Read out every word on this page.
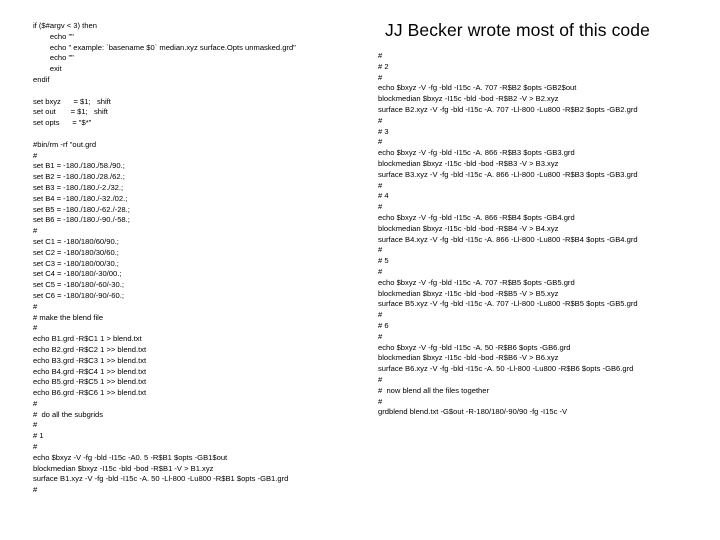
JJ Becker wrote most of this code
if ($#argv < 3) then
echo ""
echo " example: `basename $0` median.xyz surface.Opts unmasked.grd"
echo ""
exit
endif
set bxyz      = $1;   shift
set out       = $1;   shift
set opts      = "$*"
#bin/rm -rf "out.grd
#
set B1 = -180./180./58./90.;
set B2 = -180./180./28./62.;
set B3 = -180./180./-2./32.;
set B4 = -180./180./-32./02.;
set B5 = -180./180./-62./-28.;
set B6 = -180./180./-90./-58.;
#
set C1 = -180/180/60/90.;
set C2 = -180/180/30/60.;
set C3 = -180/180/00/30.;
set C4 = -180/180/-30/00.;
set C5 = -180/180/-60/-30.;
set C6 = -180/180/-90/-60.;
#
# make the blend file
#
echo B1.grd -R$C1 1 > blend.txt
echo B2.grd -R$C2 1 >> blend.txt
echo B3.grd -R$C3 1 >> blend.txt
echo B4.grd -R$C4 1 >> blend.txt
echo B5.grd -R$C5 1 >> blend.txt
echo B6.grd -R$C6 1 >> blend.txt
#
#  do all the subgrids
#
# 1
#
echo $bxyz -V -fg -bld -I15c -A0. 5 -R$B1 $opts -GB1$out
blockmedian $bxyz -I15c -bld -bod -R$B1 -V > B1.xyz
surface B1.xyz -V -fg -bld -I15c -A. 50 -Ll-800 -Lu800 -R$B1 $opts -GB1.grd
#
#
# 2
#
echo $bxyz -V -fg -bld -I15c -A. 707 -R$B2 $opts -GB2$out
blockmedian $bxyz -I15c -bld -bod -R$B2 -V > B2.xyz
surface B2.xyz -V -fg -bld -I15c -A. 707 -Ll-800 -Lu800 -R$B2 $opts -GB2.grd
#
# 3
#
echo $bxyz -V -fg -bld -I15c -A. 866 -R$B3 $opts -GB3.grd
blockmedian $bxyz -I15c -bld -bod -R$B3 -V > B3.xyz
surface B3.xyz -V -fg -bld -I15c -A. 866 -Ll-800 -Lu800 -R$B3 $opts -GB3.grd
#
# 4
#
echo $bxyz -V -fg -bld -I15c -A. 866 -R$B4 $opts -GB4.grd
blockmedian $bxyz -I15c -bld -bod -R$B4 -V > B4.xyz
surface B4.xyz -V -fg -bld -I15c -A. 866 -Ll-800 -Lu800 -R$B4 $opts -GB4.grd
#
# 5
#
echo $bxyz -V -fg -bld -I15c -A. 707 -R$B5 $opts -GB5.grd
blockmedian $bxyz -I15c -bld -bod -R$B5 -V > B5.xyz
surface B5.xyz -V -fg -bld -I15c -A. 707 -Ll-800 -Lu800 -R$B5 $opts -GB5.grd
#
# 6
#
echo $bxyz -V -fg -bld -I15c -A. 50 -R$B6 $opts -GB6.grd
blockmedian $bxyz -I15c -bld -bod -R$B6 -V > B6.xyz
surface B6.xyz -V -fg -bld -I15c -A. 50 -Ll-800 -Lu800 -R$B6 $opts -GB6.grd
#
#  now blend all the files together
#
grdblend blend.txt -G$out -R-180/180/-90/90 -fg -I15c -V
